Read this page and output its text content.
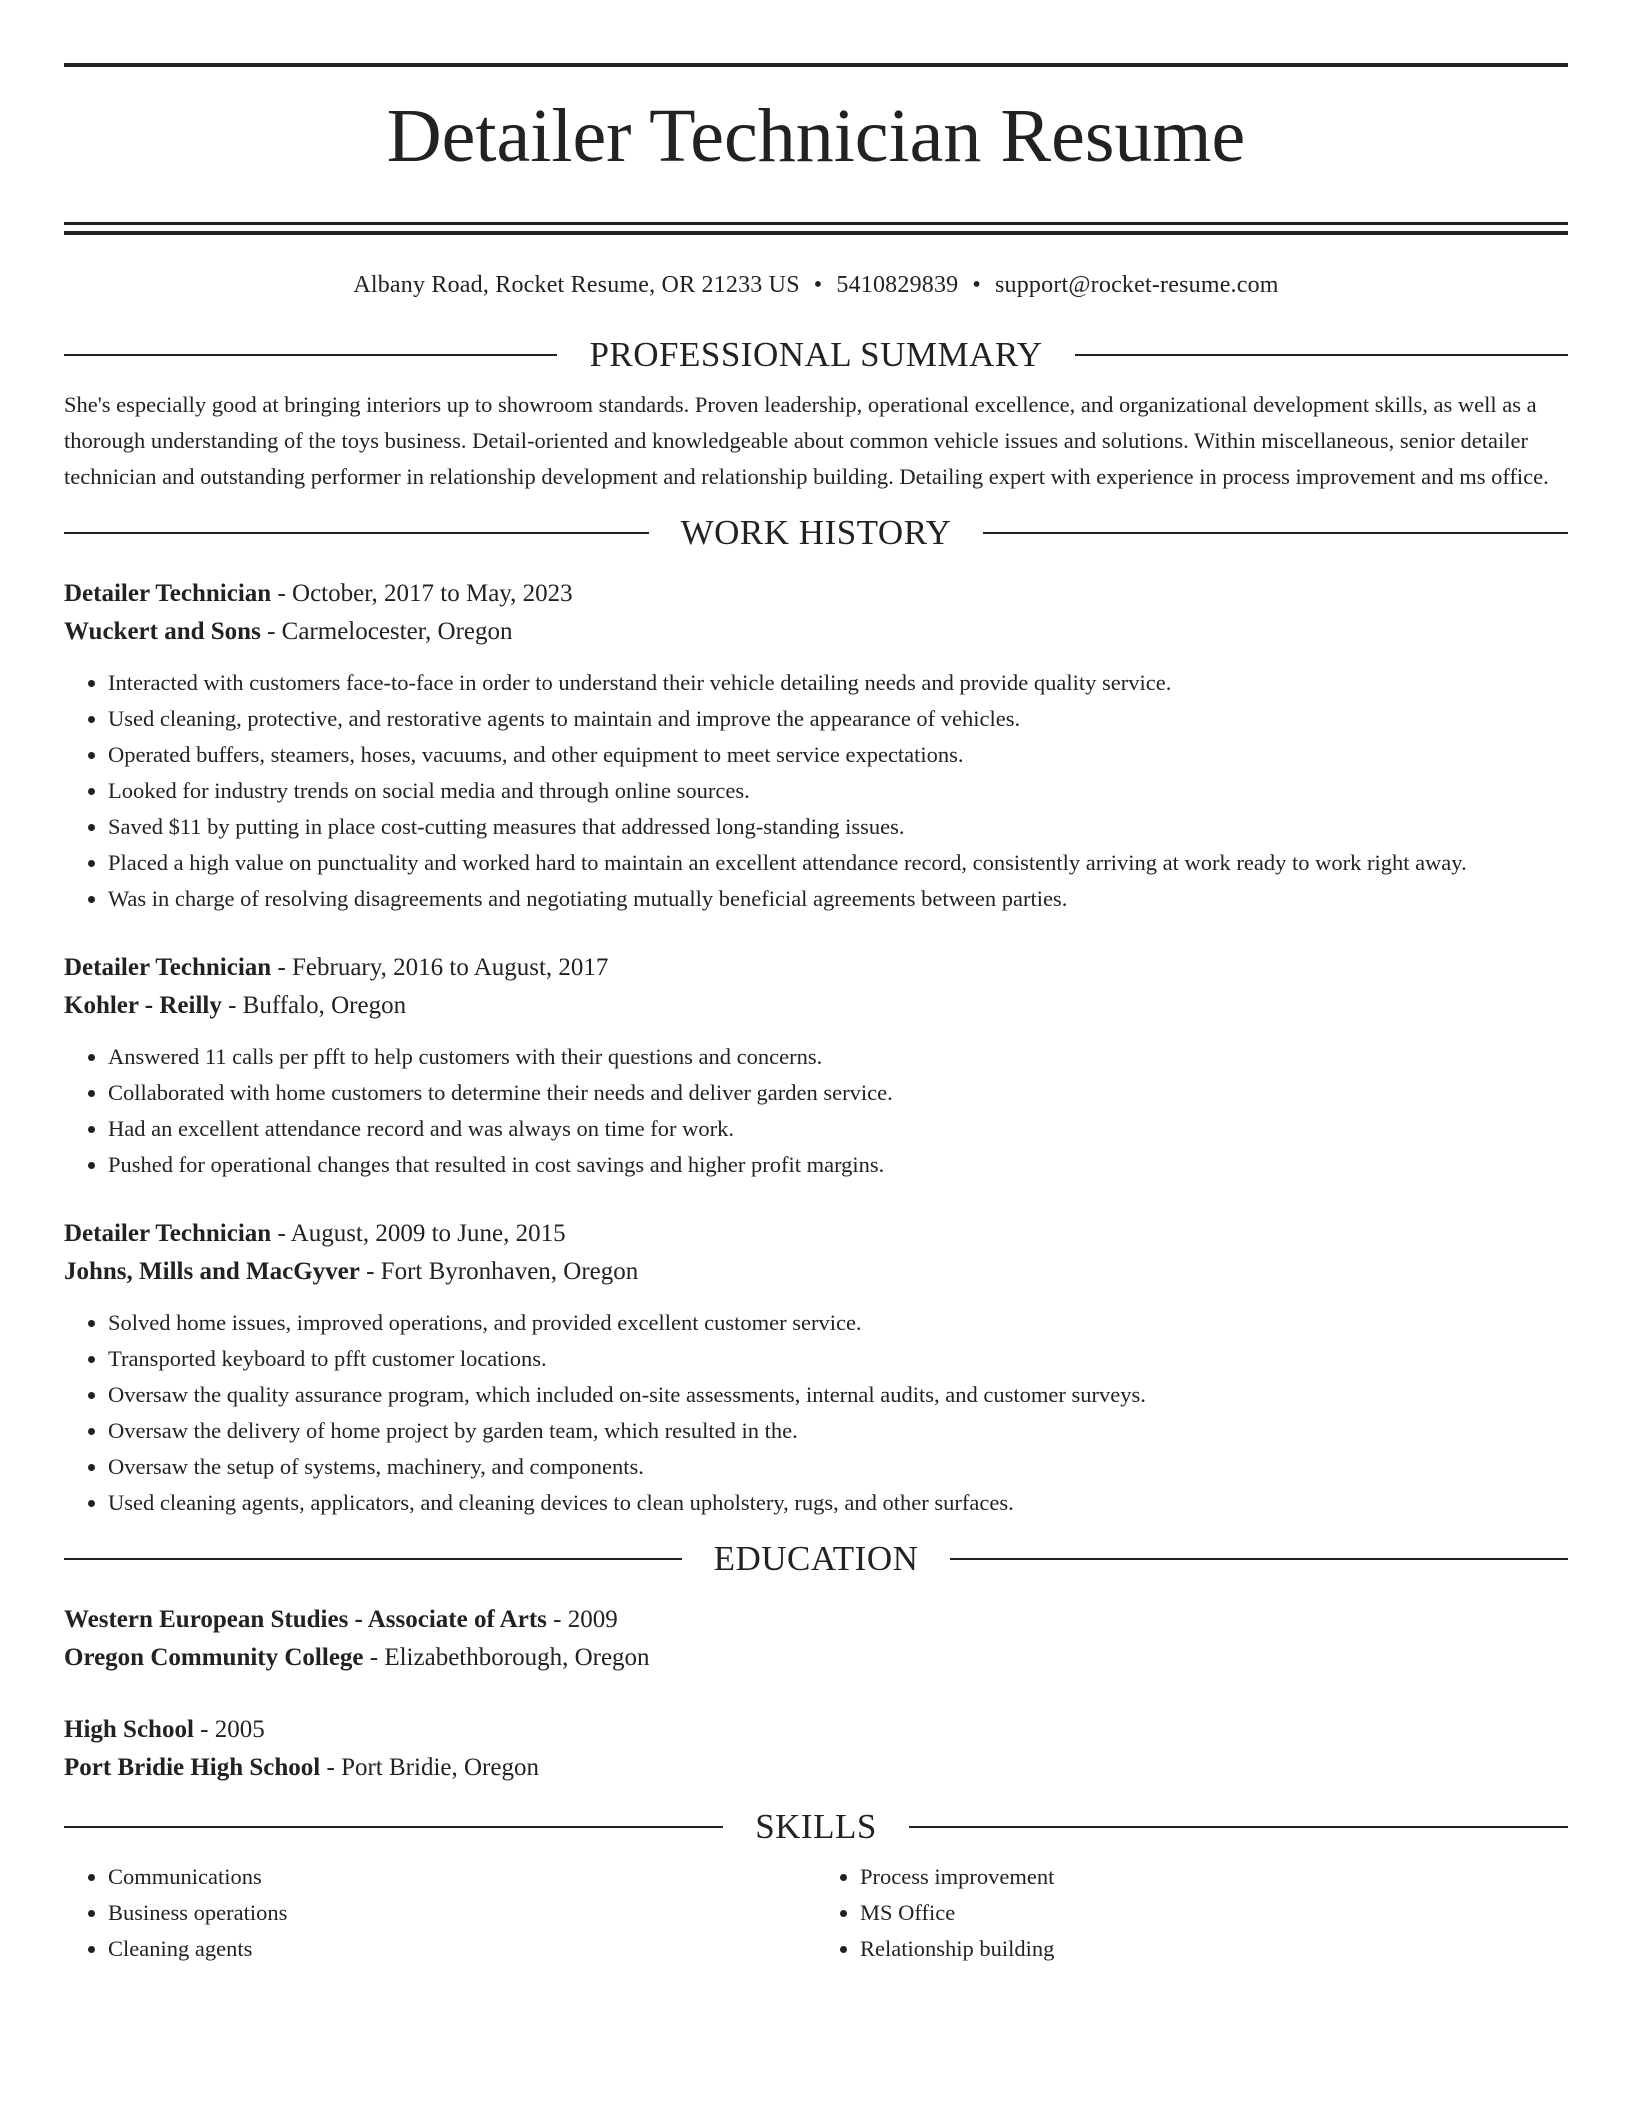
Detailer Technician Resume
Albany Road, Rocket Resume, OR 21233 US • 5410829839 • support@rocket-resume.com
PROFESSIONAL SUMMARY
She's especially good at bringing interiors up to showroom standards. Proven leadership, operational excellence, and organizational development skills, as well as a thorough understanding of the toys business. Detail-oriented and knowledgeable about common vehicle issues and solutions. Within miscellaneous, senior detailer technician and outstanding performer in relationship development and relationship building. Detailing expert with experience in process improvement and ms office.
WORK HISTORY
Detailer Technician - October, 2017 to May, 2023
Wuckert and Sons - Carmelocester, Oregon
• Interacted with customers face-to-face in order to understand their vehicle detailing needs and provide quality service.
• Used cleaning, protective, and restorative agents to maintain and improve the appearance of vehicles.
• Operated buffers, steamers, hoses, vacuums, and other equipment to meet service expectations.
• Looked for industry trends on social media and through online sources.
• Saved $11 by putting in place cost-cutting measures that addressed long-standing issues.
• Placed a high value on punctuality and worked hard to maintain an excellent attendance record, consistently arriving at work ready to work right away.
• Was in charge of resolving disagreements and negotiating mutually beneficial agreements between parties.
Detailer Technician - February, 2016 to August, 2017
Kohler - Reilly - Buffalo, Oregon
• Answered 11 calls per pfft to help customers with their questions and concerns.
• Collaborated with home customers to determine their needs and deliver garden service.
• Had an excellent attendance record and was always on time for work.
• Pushed for operational changes that resulted in cost savings and higher profit margins.
Detailer Technician - August, 2009 to June, 2015
Johns, Mills and MacGyver - Fort Byronhaven, Oregon
• Solved home issues, improved operations, and provided excellent customer service.
• Transported keyboard to pfft customer locations.
• Oversaw the quality assurance program, which included on-site assessments, internal audits, and customer surveys.
• Oversaw the delivery of home project by garden team, which resulted in the.
• Oversaw the setup of systems, machinery, and components.
• Used cleaning agents, applicators, and cleaning devices to clean upholstery, rugs, and other surfaces.
EDUCATION
Western European Studies - Associate of Arts - 2009
Oregon Community College - Elizabethborough, Oregon
High School - 2005
Port Bridie High School - Port Bridie, Oregon
SKILLS
• Communications
• Business operations
• Cleaning agents
• Process improvement
• MS Office
• Relationship building
